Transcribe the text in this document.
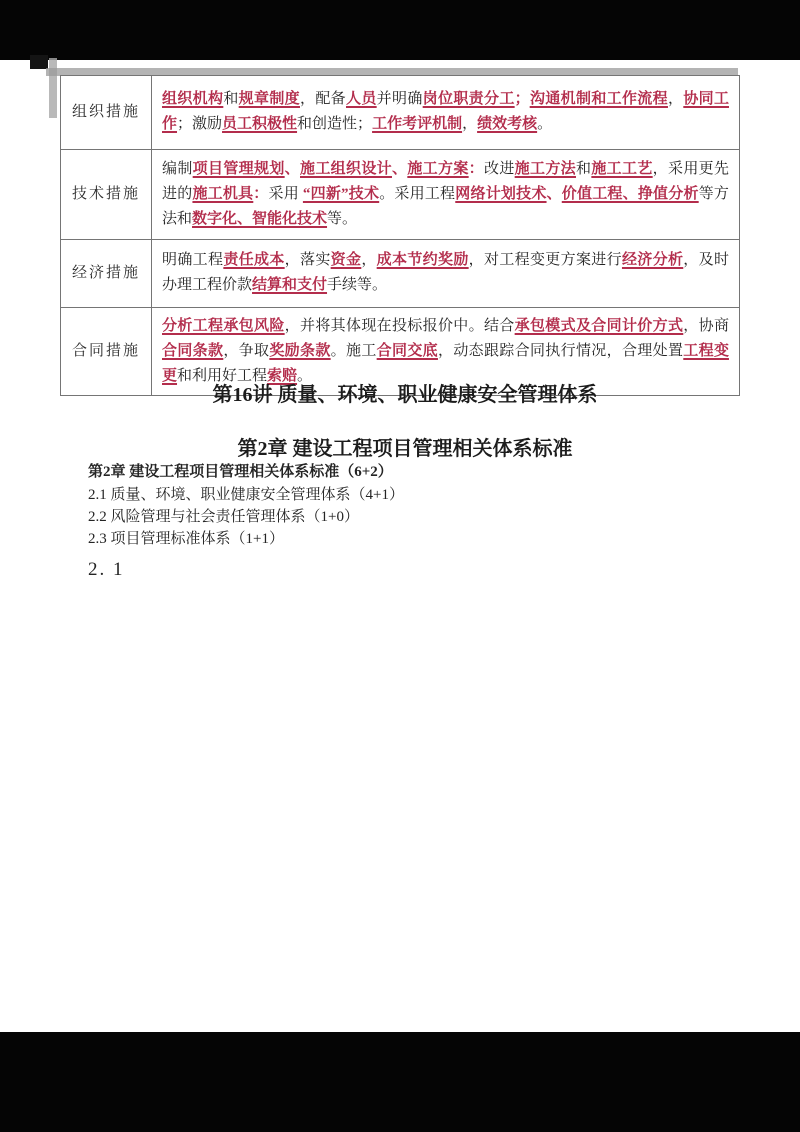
组织措施	组织机构和规章制度，配备人员并明确岗位职责分工；沟通机制和工作流程，协同工作；激励员工积极性和创造性；工作考评机制，绩效考核。
技术措施	编制项目管理规划、施工组织设计、施工方案：改进施工方法和施工工艺，采用更先进的施工机具：采用 “四新”技术。采用工程网络计划技术、价值工程、挣值分析等方法和数字化、智能化技术等。
经济措施	明确工程责任成本，落实资金，成本节约奖励，对工程变更方案进行经济分析，及时办理工程价款结算和支付手续等。
合同措施	分析工程承包风险，并将其体现在投标报价中。结合承包模式及合同计价方式，协商合同条款，争取奖励条款。施工合同交底，动态跟踪合同执行情况，合理处置工程变更和利用好工程索赔。

第16讲 质量、环境、职业健康安全管理体系

第2章 建设工程项目管理相关体系标准

第2章 建设工程项目管理相关体系标准（6+2）
2.1 质量、环境、职业健康安全管理体系（4+1）
2.2 风险管理与社会责任管理体系（1+0）
2.3 项目管理标准体系（1+1）
2. 1
